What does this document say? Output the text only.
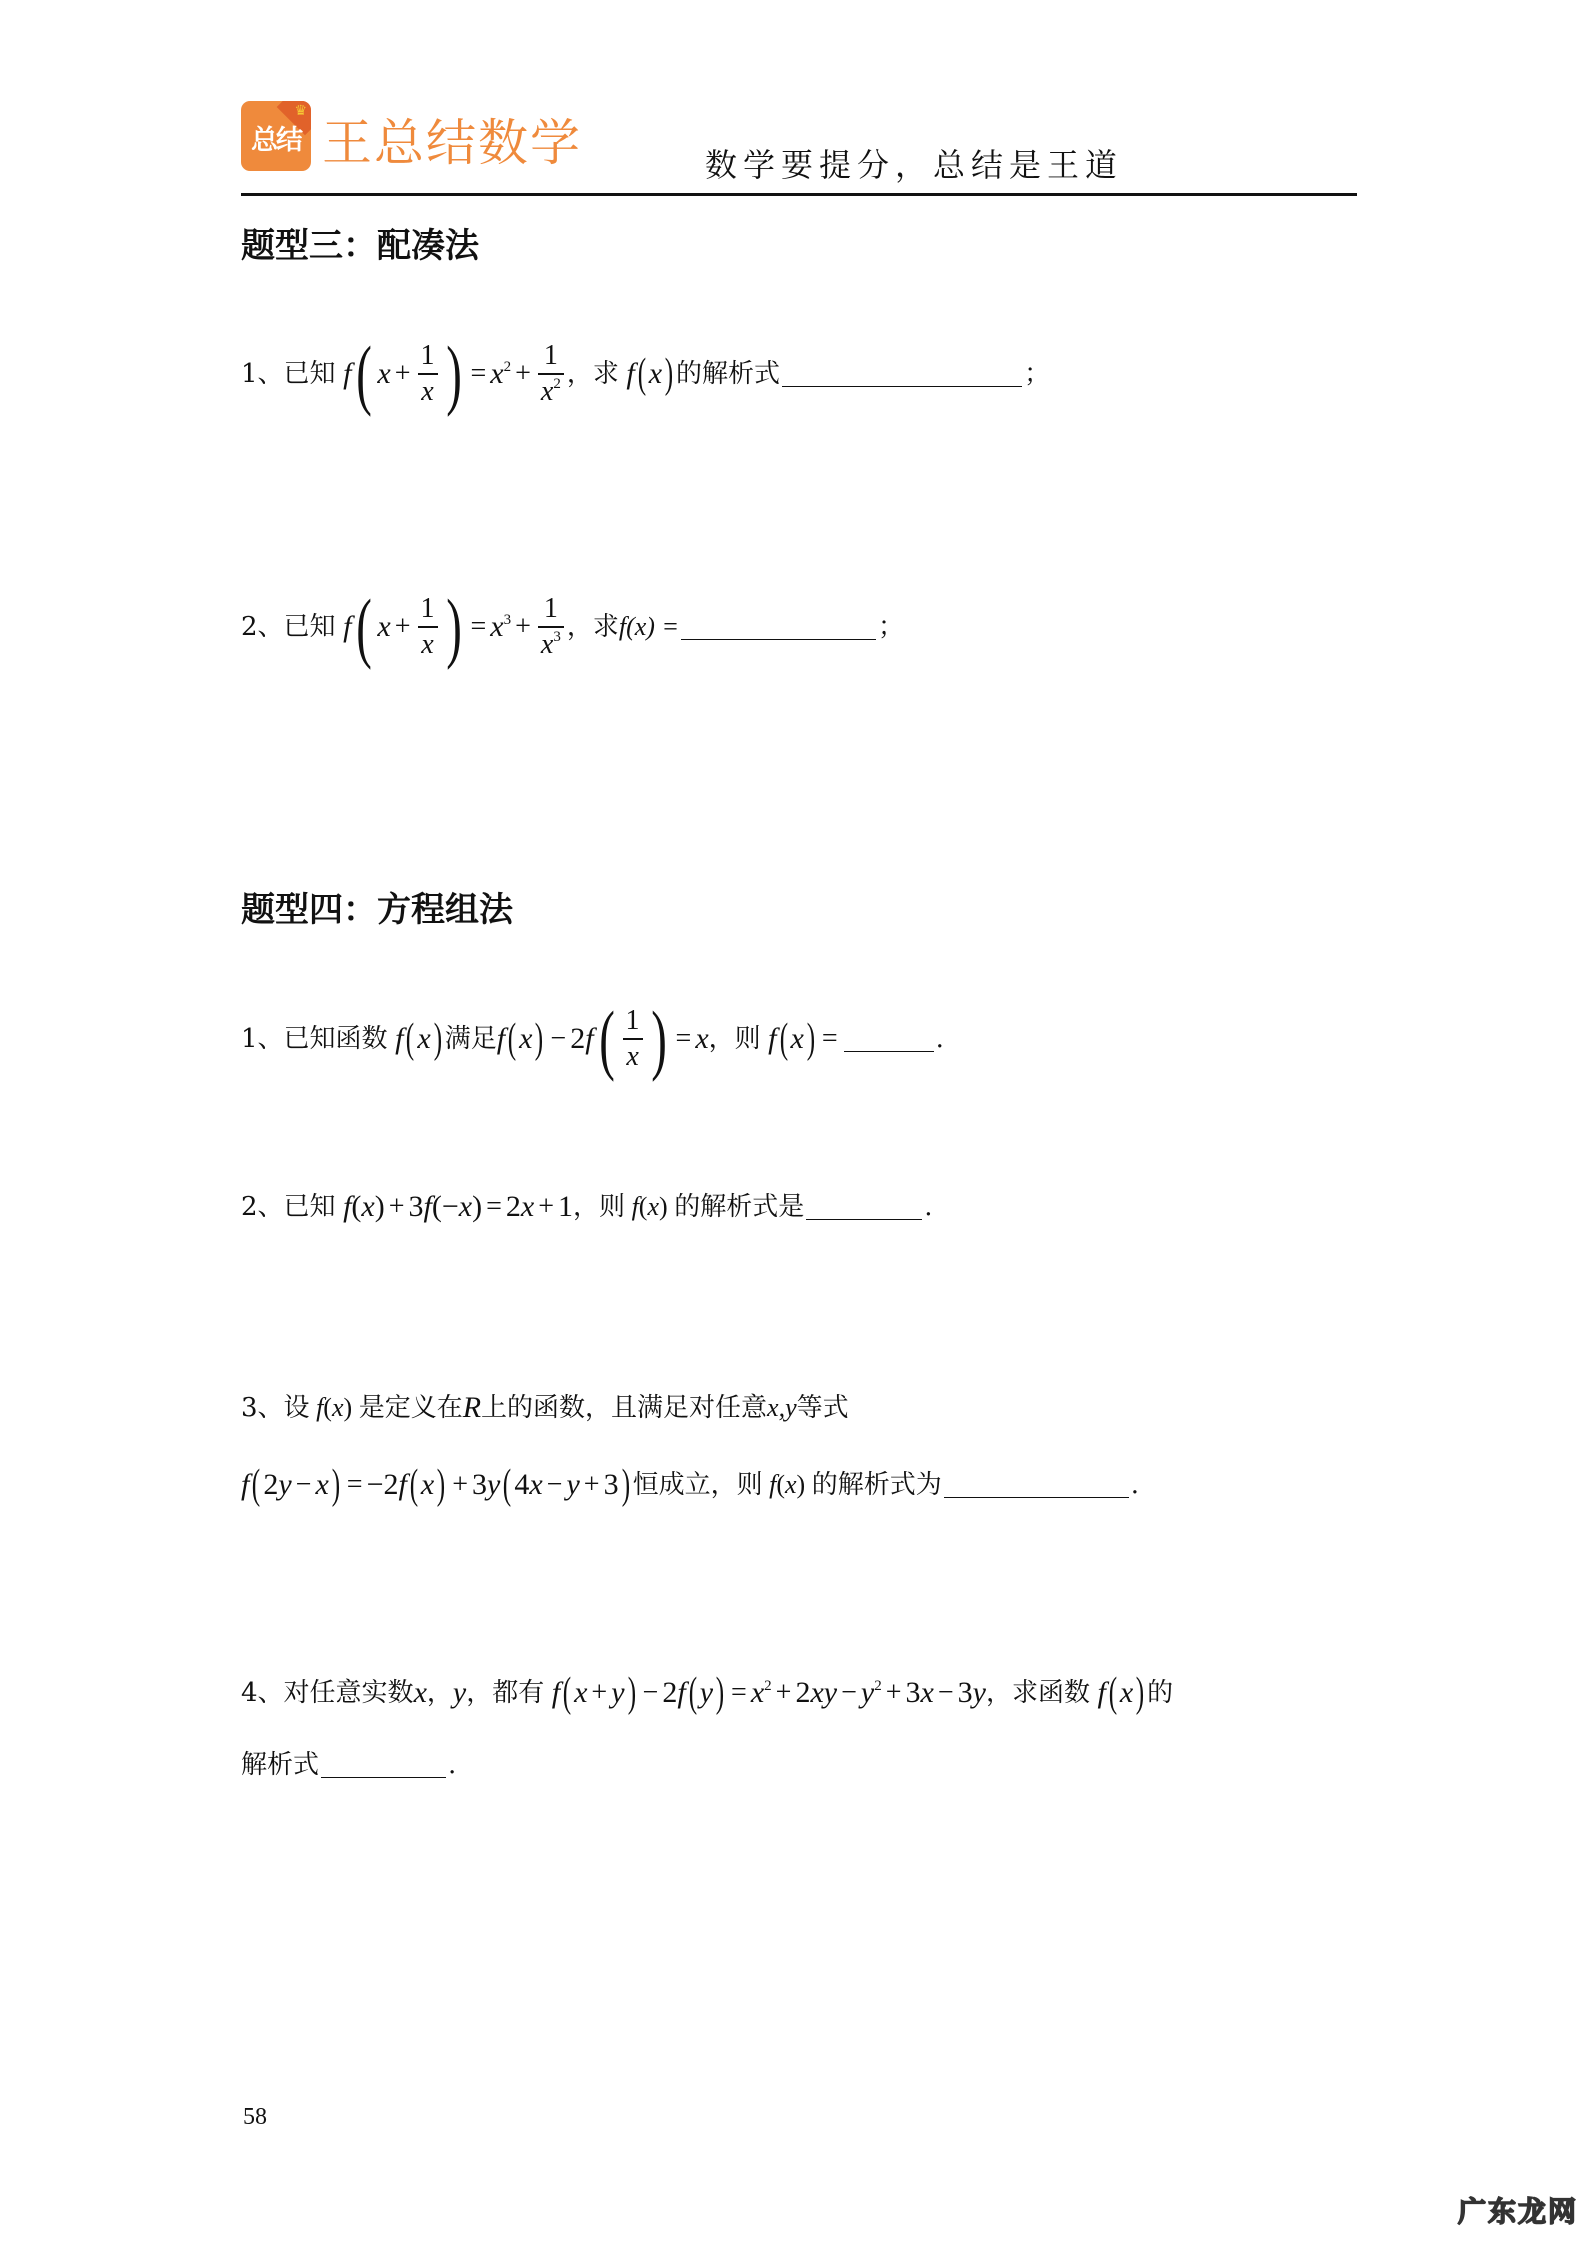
♛
总结 王总结数学	数学要提分，总结是王道
题型三：配凑法
1、 已知 f ( $x + \frac{1}{x}$ ) = $x^2 + \frac{1}{x^2}$ ，求 f ( x ) 的解析式	；
2、 已知 f ( $x + \frac{1}{x}$ ) = $x^3 + \frac{1}{x^3}$ ，求 f(x) =	；
题型四：方程组法
1、 已知函数 f ( x ) 满足 f ( x ) − 2 f ( $\frac{1}{x}$ ) = x ，则 f ( x ) =	.
2、 已知 f ( x ) + 3 f (− x ) = 2 x + 1 ，则 f ( x ) 的解析式是	.
3、 设 f ( x ) 是定义在 R 上的函数，且满足对任意 x,y 等式
f ( 2 y − x ) = −2 f ( x ) + 3 y ( 4 x − y + 3 ) 恒成立，则 f ( x ) 的解析式为	.
4、 对任意实数 x ， y ，都有 f ( x + y ) − 2 f ( y ) = $x^2 + 2$ xy − $y^2 + 3$ x − 3 y ，求函数 f ( x ) 的
解析式	.
58
广东龙网
